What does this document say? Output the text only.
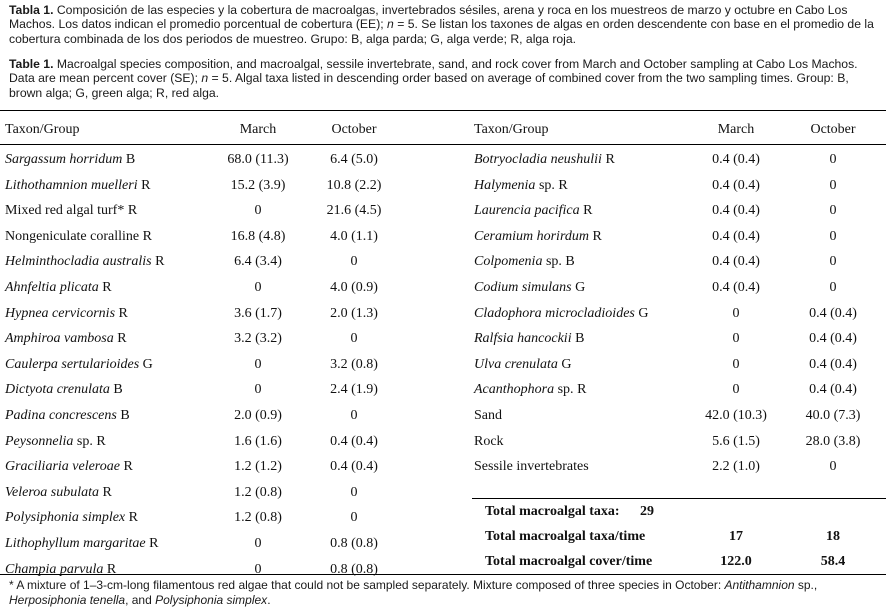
Tabla 1. Composición de las especies y la cobertura de macroalgas, invertebrados sésiles, arena y roca en los muestreos de marzo y octubre en Cabo Los Machos. Los datos indican el promedio porcentual de cobertura (EE); n = 5. Se listan los taxones de algas en orden descendente con base en el promedio de la cobertura combinada de los dos periodos de muestreo. Grupo: B, alga parda; G, alga verde; R, alga roja.
Table 1. Macroalgal species composition, and macroalgal, sessile invertebrate, sand, and rock cover from March and October sampling at Cabo Los Machos. Data are mean percent cover (SE); n = 5. Algal taxa listed in descending order based on average of combined cover from the two sampling times. Group: B, brown alga; G, green alga; R, red alga.
Taxon/Group	March	October	Taxon/Group	March	October
Sargassum horridum B	68.0 (11.3)	6.4 (5.0)
Lithothamnion muelleri R	15.2 (3.9)	10.8 (2.2)
Mixed red algal turf* R	0	21.6 (4.5)
Nongeniculate coralline R	16.8 (4.8)	4.0 (1.1)
Helminthocladia australis R	6.4 (3.4)	0
Ahnfeltia plicata R	0	4.0 (0.9)
Hypnea cervicornis R	3.6 (1.7)	2.0 (1.3)
Amphiroa vambosa R	3.2 (3.2)	0
Caulerpa sertularioides G	0	3.2 (0.8)
Dictyota crenulata B	0	2.4 (1.9)
Padina concrescens B	2.0 (0.9)	0
Peysonnelia sp. R	1.6 (1.6)	0.4 (0.4)
Graciliaria veleroae R	1.2 (1.2)	0.4 (0.4)
Veleroa subulata R	1.2 (0.8)	0
Polysiphonia simplex R	1.2 (0.8)	0
Lithophyllum margaritae R	0	0.8 (0.8)
Champia parvula R	0	0.8 (0.8)
Botryocladia neushulii R	0.4 (0.4)	0
Halymenia sp. R	0.4 (0.4)	0
Laurencia pacifica R	0.4 (0.4)	0
Ceramium horirdum R	0.4 (0.4)	0
Colpomenia sp. B	0.4 (0.4)	0
Codium simulans G	0.4 (0.4)	0
Cladophora microcladioides G	0	0.4 (0.4)
Ralfsia hancockii B	0	0.4 (0.4)
Ulva crenulata G	0	0.4 (0.4)
Acanthophora sp. R	0	0.4 (0.4)
Sand	42.0 (10.3)	40.0 (7.3)
Rock	5.6 (1.5)	28.0 (3.8)
Sessile invertebrates	2.2 (1.0)	0
Total macroalgal taxa: 29
Total macroalgal taxa/time	17	18
Total macroalgal cover/time	122.0	58.4
* A mixture of 1–3-cm-long filamentous red algae that could not be sampled separately. Mixture composed of three species in October: Antithamnion sp.,
Herposiphonia tenella, and Polysiphonia simplex.
